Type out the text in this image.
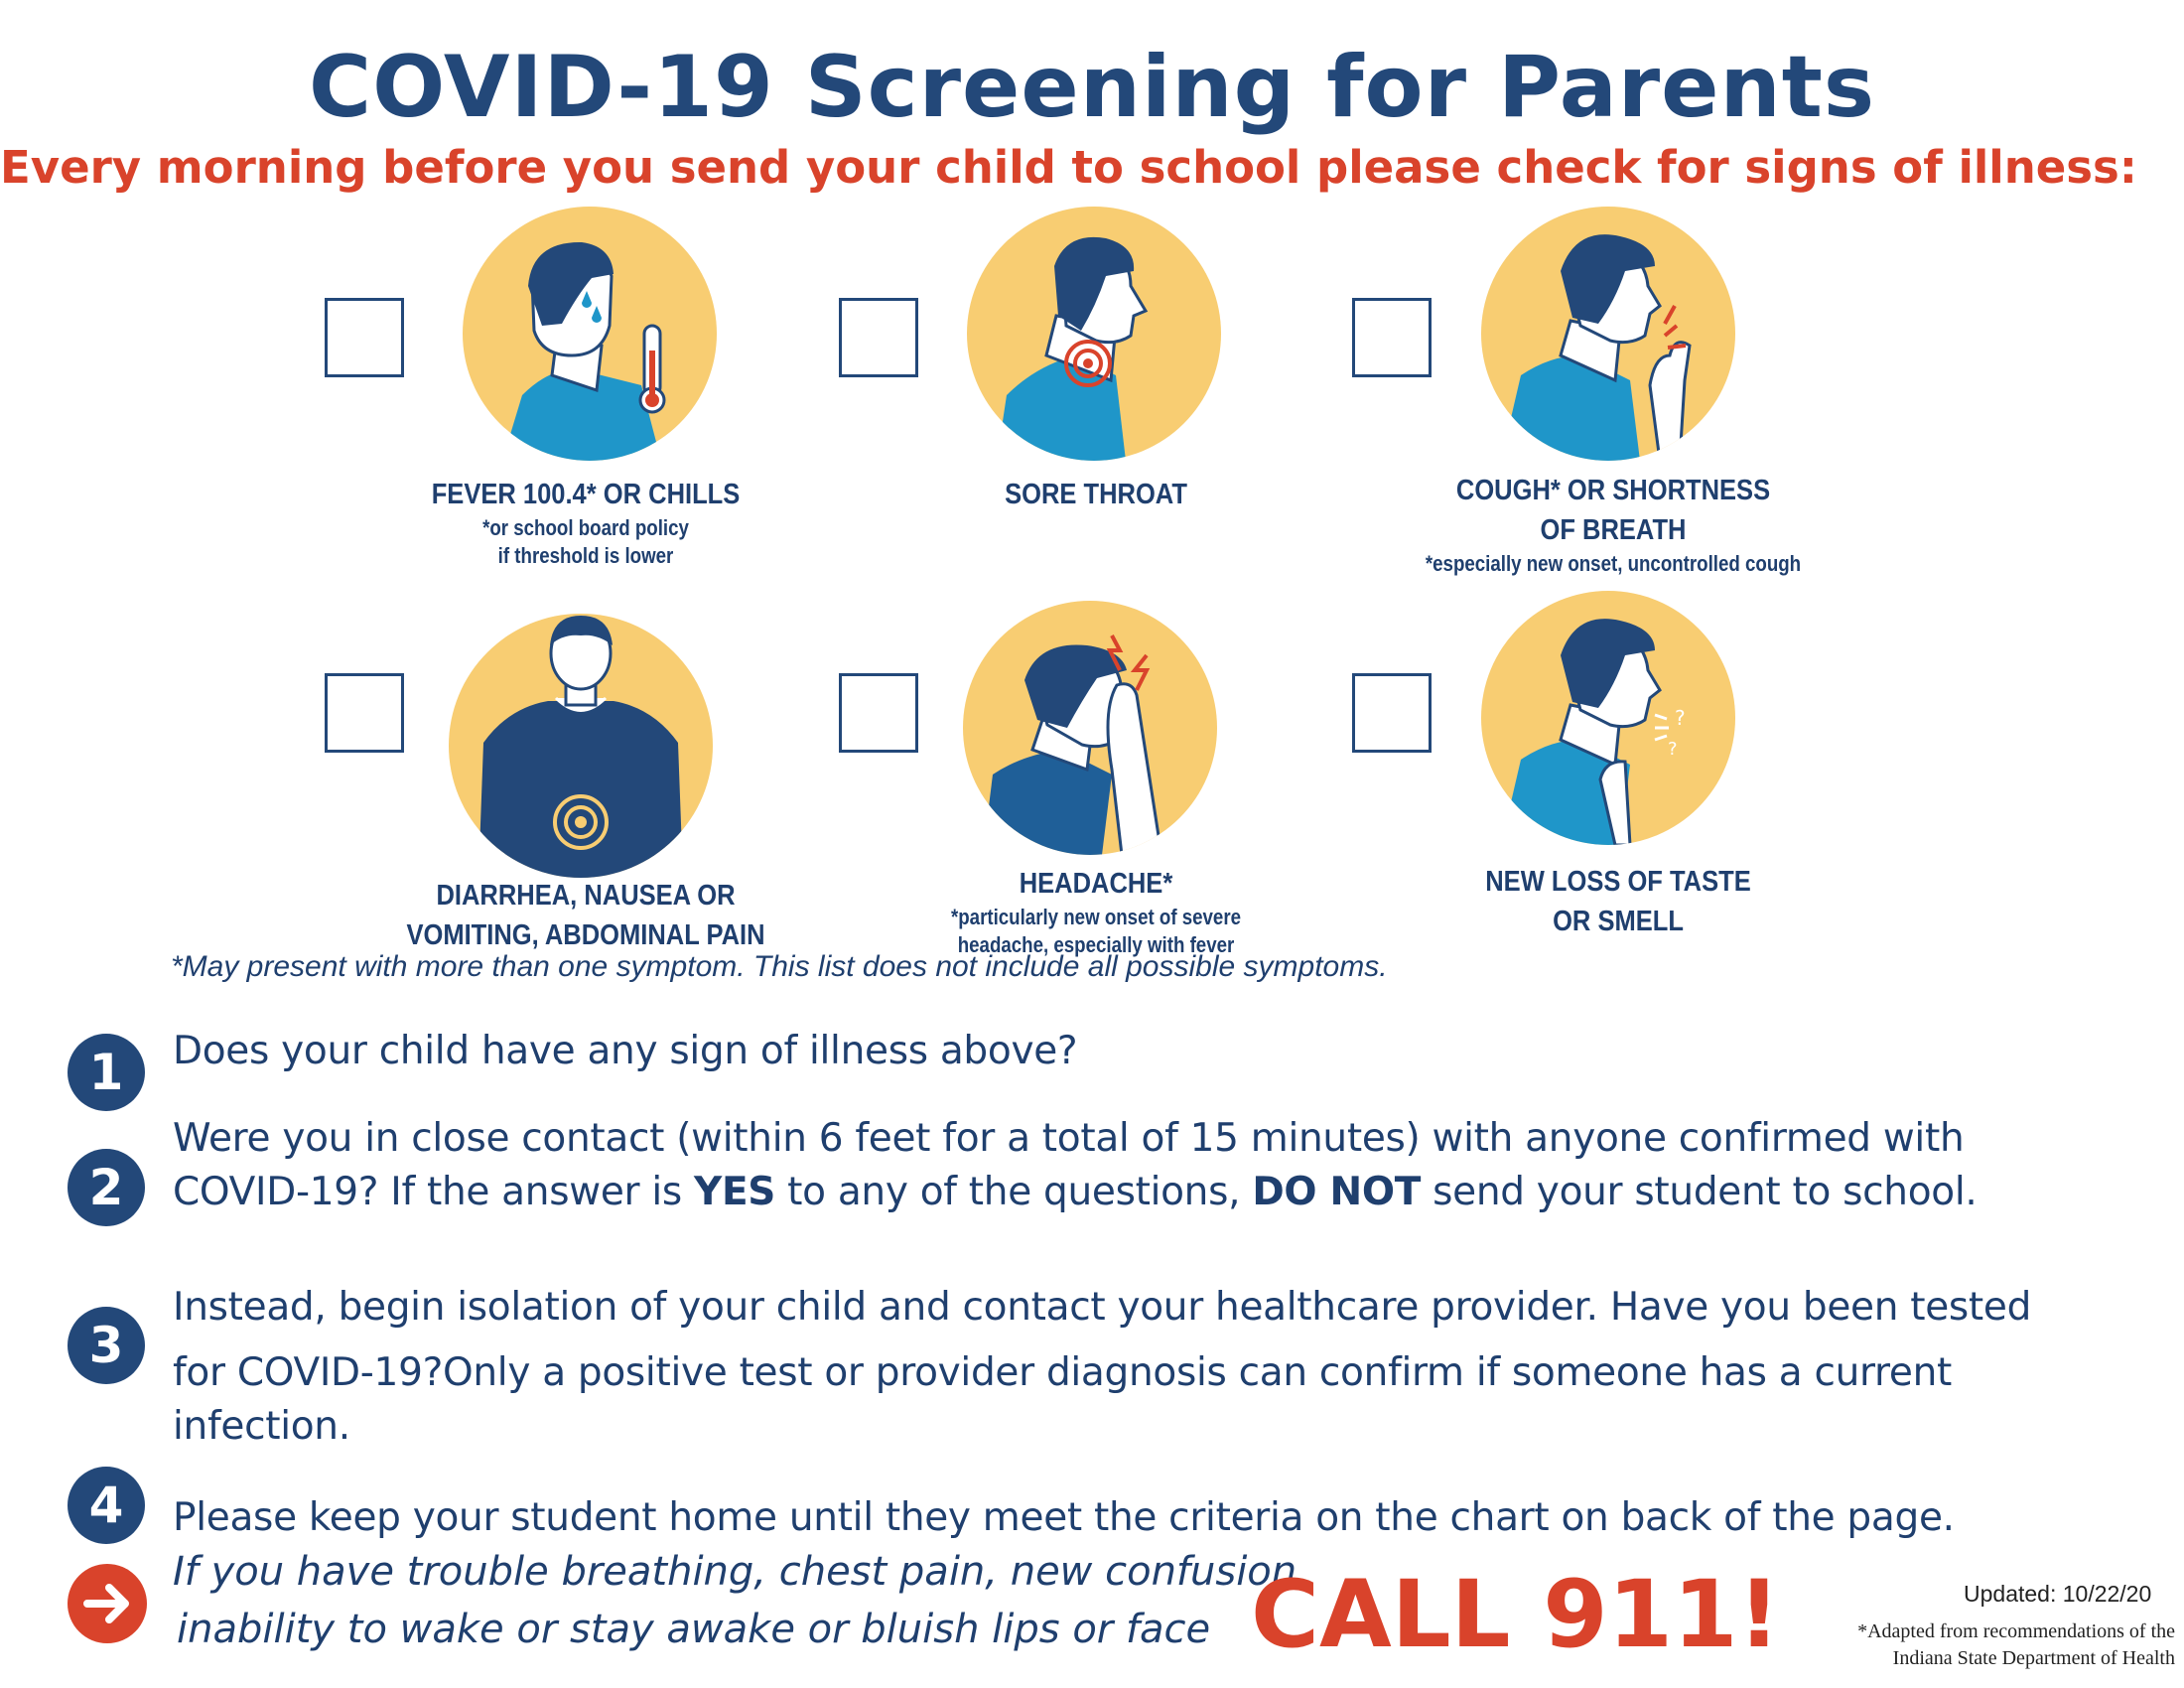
COVID-19 Screening for Parents
Every morning before you send your child to school please check for signs of illness:
?
?
FEVER 100.4* OR CHILLS
*or school board policy
if threshold is lower
SORE THROAT	COUGH* OR SHORTNESS
OF BREATH
*especially new onset, uncontrolled cough
DIARRHEA, NAUSEA OR
VOMITING, ABDOMINAL PAIN
HEADACHE*
*particularly new onset of severe
headache, especially with fever
NEW LOSS OF TASTE
OR SMELL
*May present with more than one symptom. This list does not include all possible symptoms.
1	Does your child have any sign of illness above?
2
Were you in close contact (within 6 feet for a total of 15 minutes) with anyone confirmed with
COVID-19? If the answer is YES to any of the questions, DO NOT send your student to school.
3
Instead, begin isolation of your child and contact your healthcare provider. Have you been tested
for COVID-19?Only a positive test or provider diagnosis can confirm if someone has a current
infection.
4	Please keep your student home until they meet the criteria on the chart on back of the page.
If you have trouble breathing, chest pain, new confusion,
inability to wake or stay awake or bluish lips or face CALL 911!	Updated: 10/22/20
*Adapted from recommendations of the
Indiana State Department of Health
